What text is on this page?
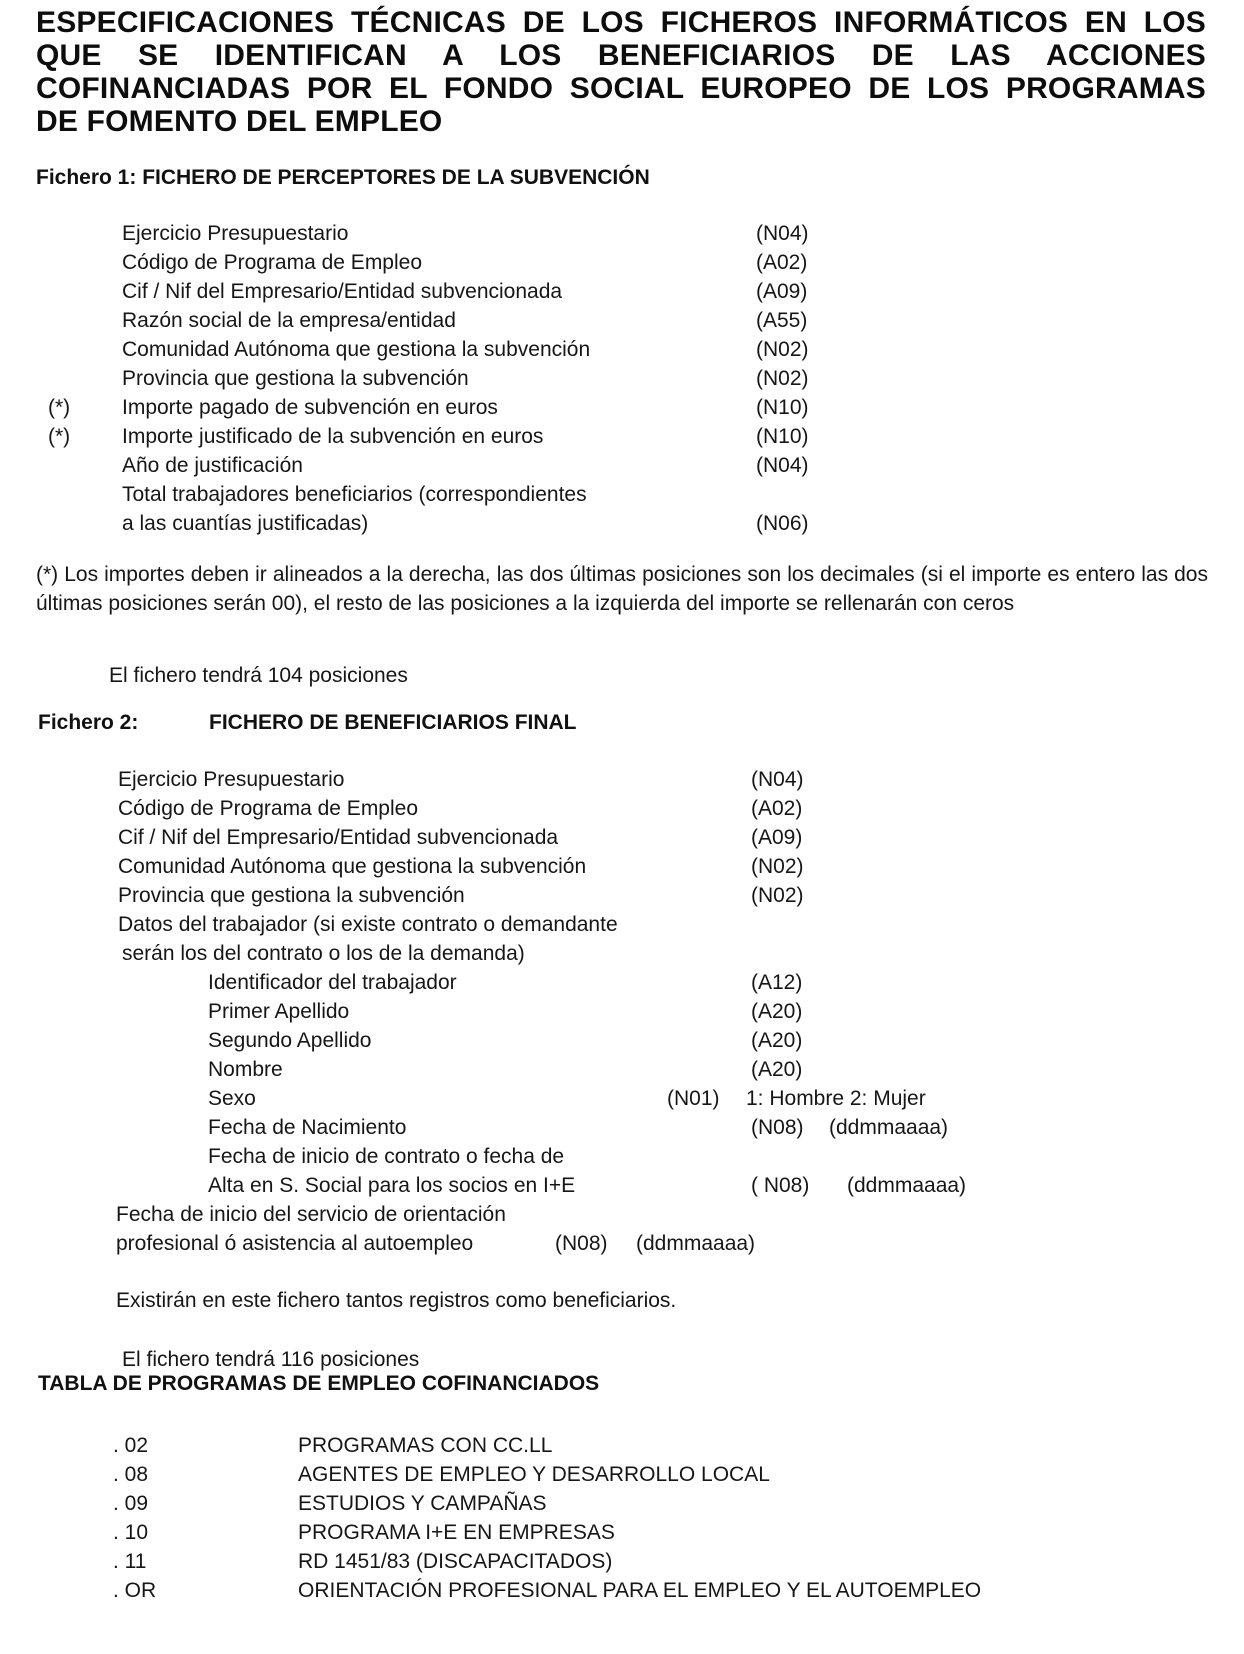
ESPECIFICACIONES TÉCNICAS DE LOS FICHEROS INFORMÁTICOS EN LOS
QUE SE IDENTIFICAN A LOS BENEFICIARIOS DE LAS ACCIONES
COFINANCIADAS POR EL FONDO SOCIAL EUROPEO DE LOS PROGRAMAS
DE FOMENTO DEL EMPLEO
Fichero 1: FICHERO DE PERCEPTORES DE LA SUBVENCIÓN
Ejercicio Presupuestario	(N04)
Código de Programa de Empleo	(A02)
Cif / Nif del Empresario/Entidad subvencionada	(A09)
Razón social de la empresa/entidad	(A55)
Comunidad Autónoma que gestiona la subvención	(N02)
Provincia que gestiona la subvención	(N02)
(*) Importe pagado de subvención en euros	(N10)
(*) Importe justificado de la subvención en euros	(N10)
Año de justificación	(N04)
Total trabajadores beneficiarios (correspondientes
a las cuantías justificadas)	(N06)

(*) Los importes deben ir alineados a la derecha, las dos últimas posiciones son los decimales (si el importe es entero las dos últimas posiciones serán 00), el resto de las posiciones a la izquierda del importe se rellenarán con ceros

El fichero tendrá 104 posiciones
Fichero 2:	FICHERO DE BENEFICIARIOS FINAL
Ejercicio Presupuestario	(N04)
Código de Programa de Empleo	(A02)
Cif / Nif del Empresario/Entidad subvencionada	(A09)
Comunidad Autónoma que gestiona la subvención	(N02)
Provincia que gestiona la subvención	(N02)
Datos del trabajador (si existe contrato o demandante
serán los del contrato o los de la demanda)
Identificador del trabajador	(A12)
Primer Apellido	(A20)
Segundo Apellido	(A20)
Nombre	(A20)
Sexo	(N01) 1: Hombre 2: Mujer
Fecha de Nacimiento	(N08) (ddmmaaaa)
Fecha de inicio de contrato o fecha de
Alta en S. Social para los socios en I+E	( N08) (ddmmaaaa)
Fecha de inicio del servicio de orientación
profesional ó asistencia al autoempleo	(N08) (ddmmaaaa)
Existirán en este fichero tantos registros como beneficiarios.
El fichero tendrá 116 posiciones
TABLA DE PROGRAMAS DE EMPLEO COFINANCIADOS
. 02	PROGRAMAS CON CC.LL
. 08	AGENTES DE EMPLEO Y DESARROLLO LOCAL
. 09	ESTUDIOS Y CAMPAÑAS
. 10	PROGRAMA I+E EN EMPRESAS
. 11	RD 1451/83 (DISCAPACITADOS)
. OR	ORIENTACIÓN PROFESIONAL PARA EL EMPLEO Y EL AUTOEMPLEO
